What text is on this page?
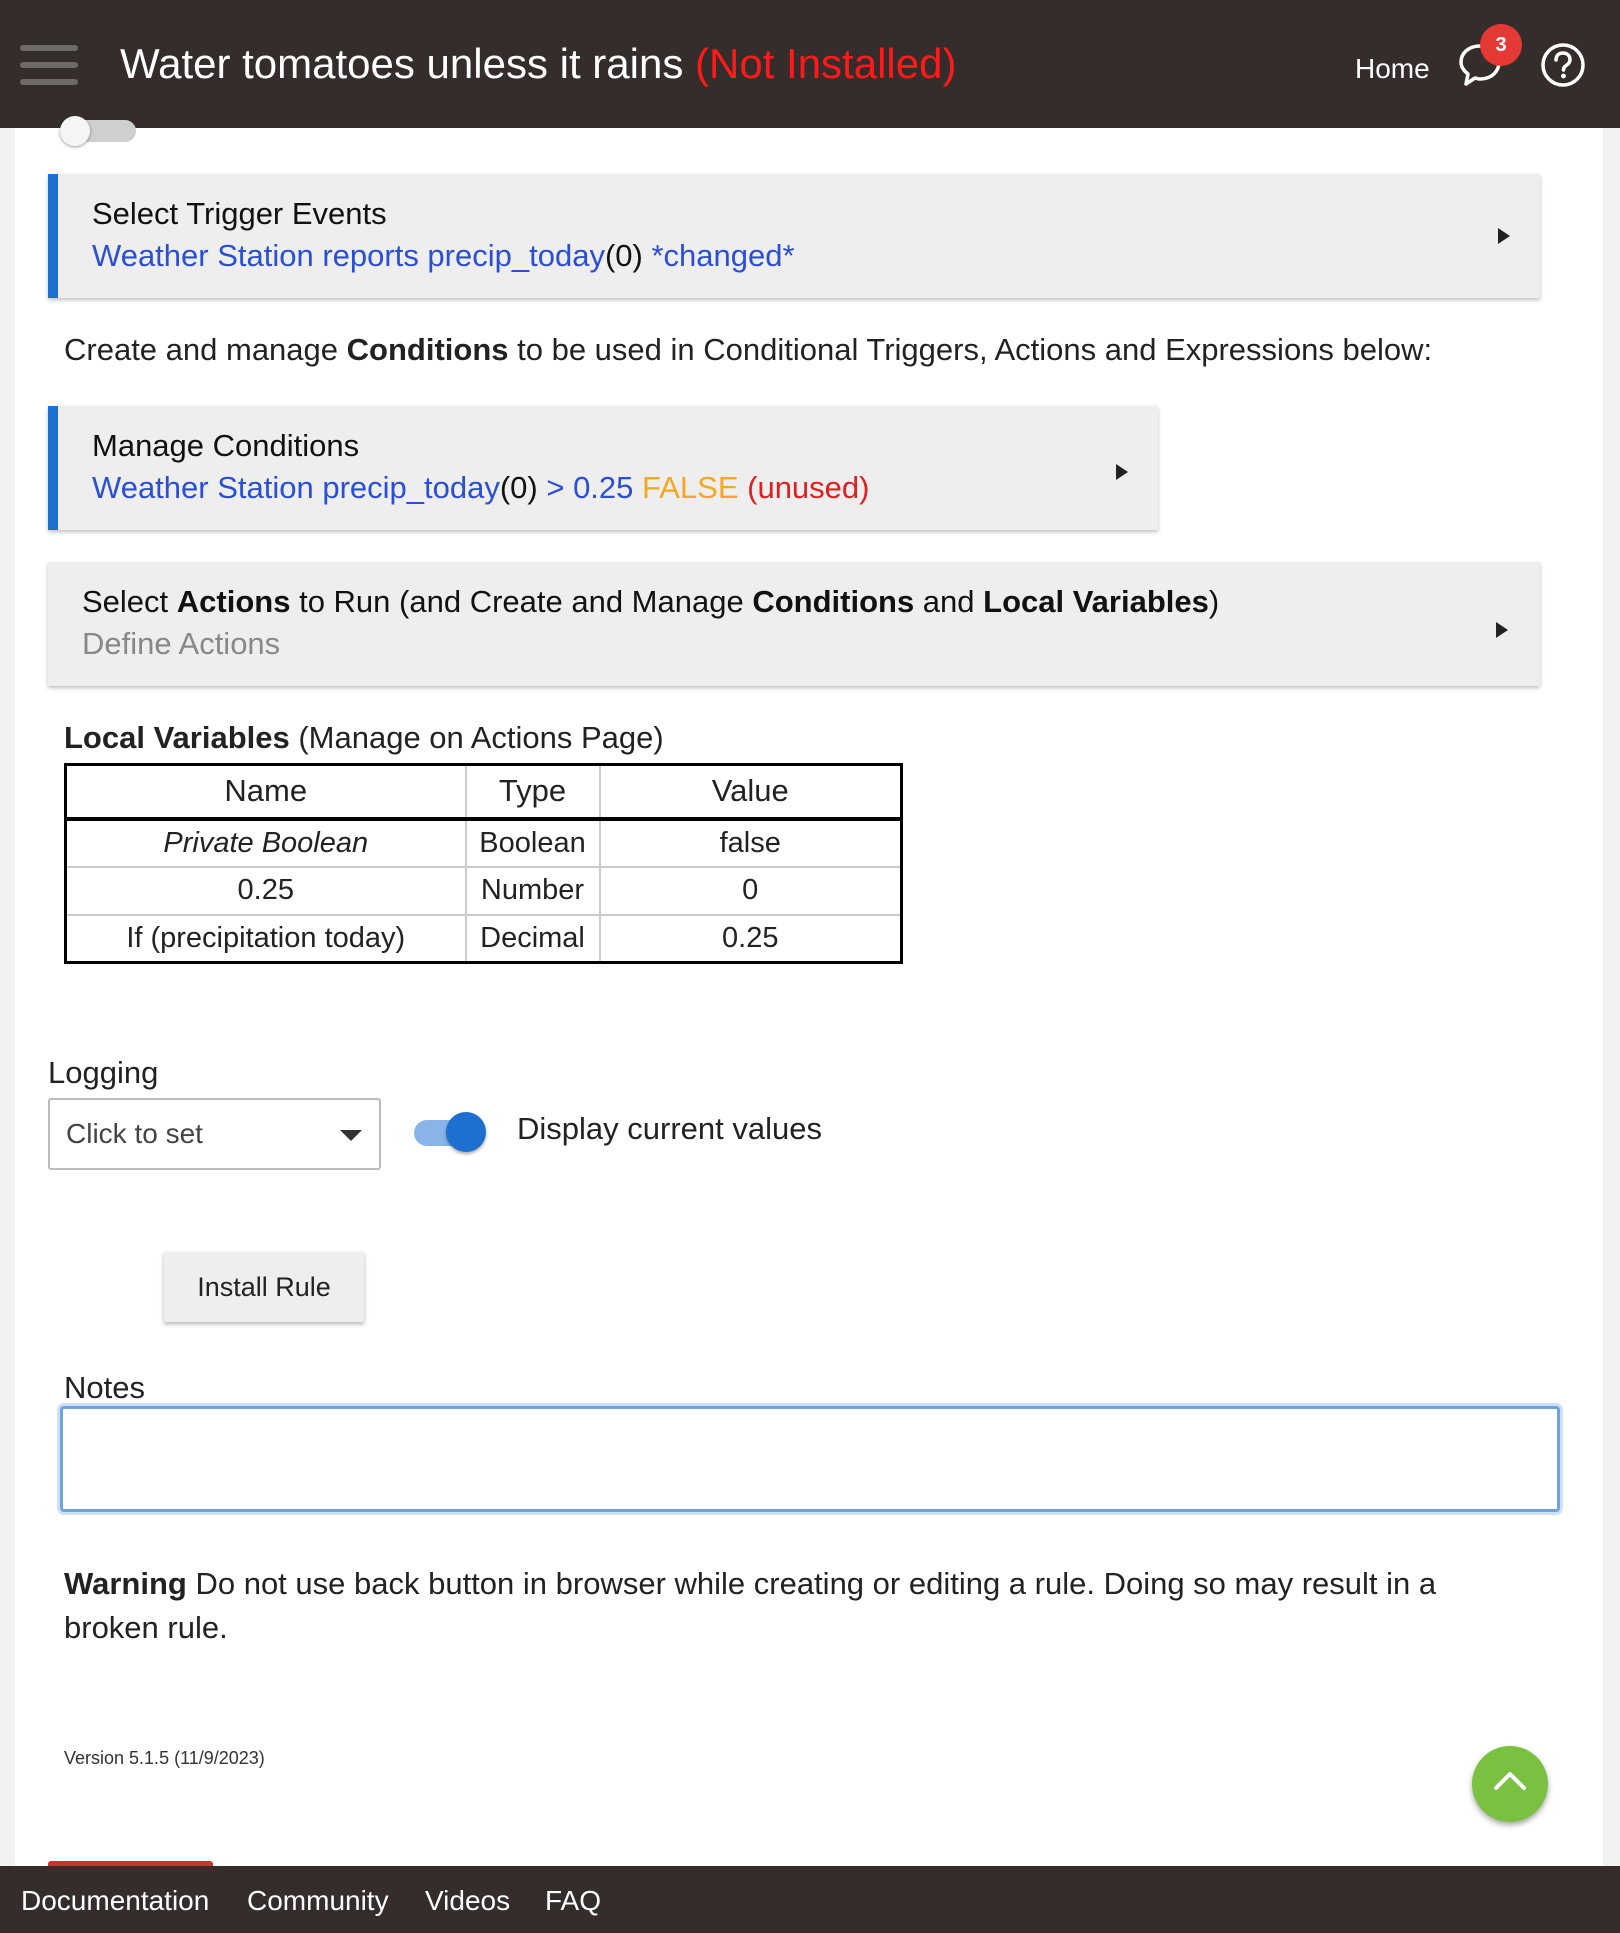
Water tomatoes unless it rains (Not Installed)	Home
3
Select Trigger Events
Weather Station reports precip_today(0) *changed*
Create and manage Conditions to be used in Conditional Triggers, Actions and Expressions below:
Manage Conditions
Weather Station precip_today(0) > 0.25 FALSE (unused)
Select Actions to Run (and Create and Manage Conditions and Local Variables)
Define Actions
Local Variables (Manage on Actions Page)
Name	Type	Value
Private Boolean	Boolean	false
0.25	Number	0
If (precipitation today)	Decimal	0.25
Logging
Click to set	Display current values
Install Rule
Notes
Warning Do not use back button in browser while creating or editing a rule. Doing so may result in a broken rule.
Version 5.1.5 (11/9/2023)
Documentation Community Videos FAQ
